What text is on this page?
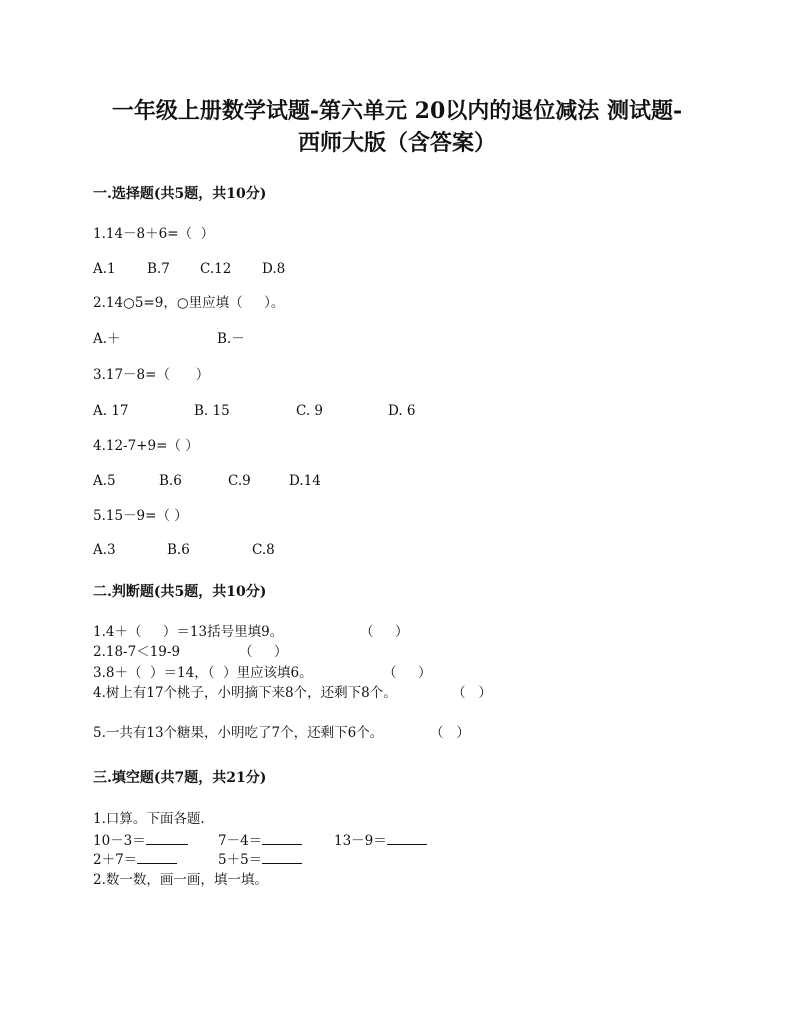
一年级上册数学试题-第六单元 20以内的退位减法 测试题-
西师大版（含答案）
一.选择题(共5题，共10分)
1.14－8＋6=（  ）
A.1 B.7 C.12 D.8
2.14○5=9，○里应填（     ）。
A.＋	B.－
3.17－8=（      ）
A. 17	B. 15	C. 9	D. 6
4.12-7+9=（ ）
A.5	B.6	C.9	D.14
5.15－9=（ ）
A.3	B.6	C.8
二.判断题(共5题，共10分)
1.4＋（     ）＝13括号里填9。	（     ）
2.18-7＜19-9	（     ）
3.8＋（  ）＝14，（  ）里应该填6。	（     ）
4.树上有17个桃子，小明摘下来8个，还剩下8个。	（   ）
5.一共有13个糖果，小明吃了7个，还剩下6个。	（   ）
三.填空题(共7题，共21分)
1.口算。下面各题.
10－3＝	7－4＝	13－9＝
2＋7＝	5＋5＝
2.数一数，画一画，填一填。
